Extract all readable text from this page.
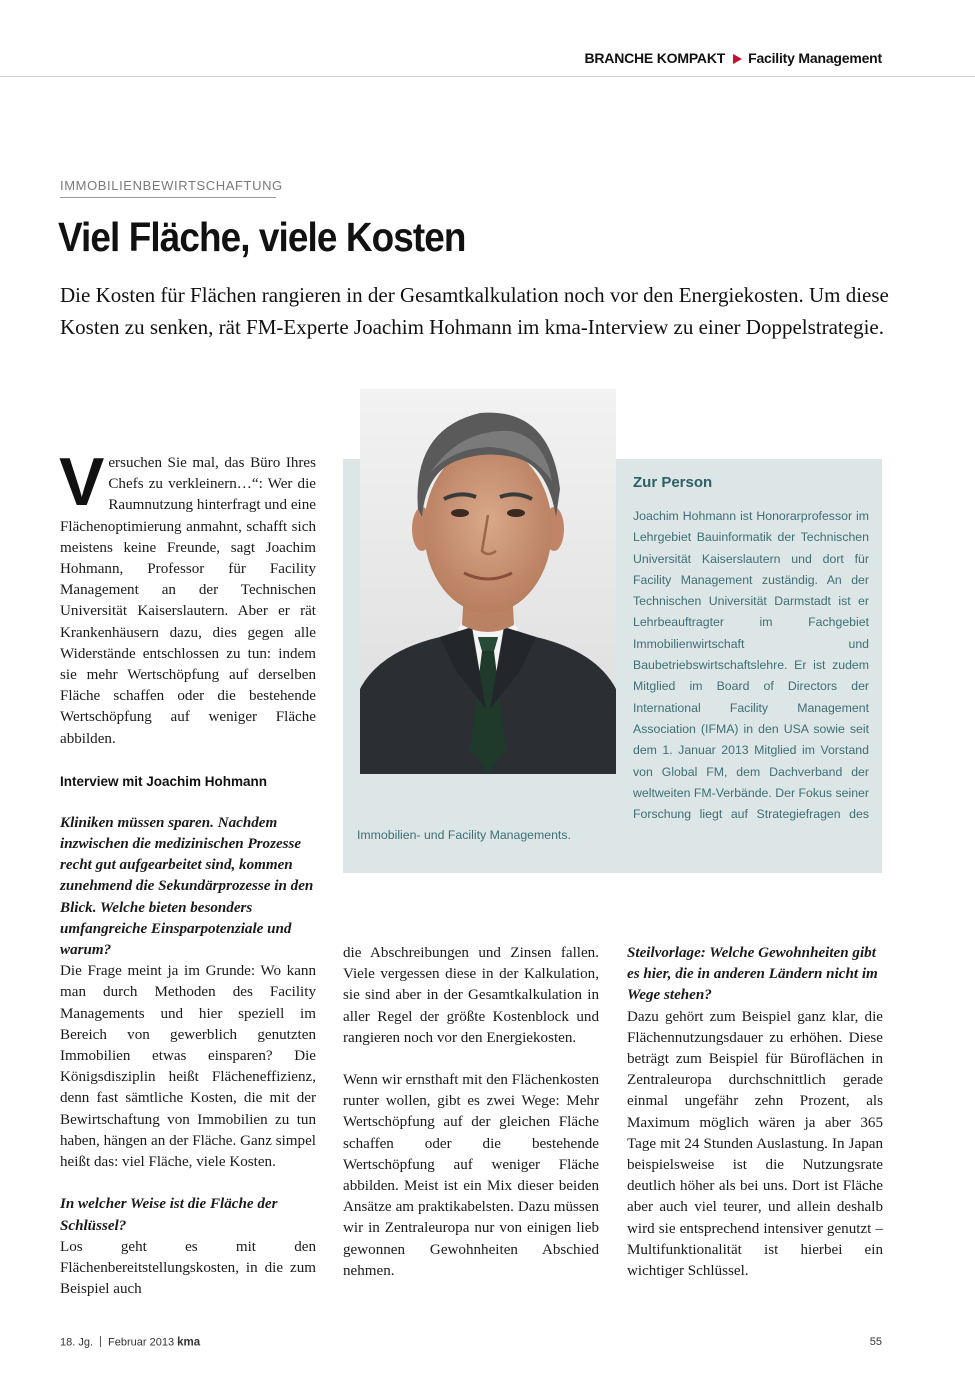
BRANCHE KOMPAKT Facility Management
IMMOBILIENBEWIRTSCHAFTUNG
Viel Fläche, viele Kosten

Die Kosten für Flächen rangieren in der Gesamtkalkulation noch vor den Energiekosten. Um diese Kosten zu senken, rät FM-Experte Joachim Hohmann im kma-Interview zu einer Doppelstrategie.

Zur Person
Joachim Hohmann ist Honorarprofessor im Lehrgebiet Bauinformatik der Technischen Universität Kaiserslautern und dort für Facility Management zuständig. An der Technischen Universität Darmstadt ist er Lehrbeauftragter im Fachgebiet Immobilienwirtschaft und Baubetriebswirtschaftslehre. Er ist zudem Mitglied im Board of Directors der International Facility Management Association (IFMA) in den USA sowie seit dem 1. Januar 2013 Mitglied im Vorstand von Global FM, dem Dachverband der weltweiten FM-Verbände. Der Fokus seiner Forschung liegt auf Strategiefragen des Immobilien- und Facility Managements.

Versuchen Sie mal, das Büro Ihres Chefs zu verkleinern…“: Wer die Raumnutzung hinterfragt und eine Flächenoptimierung anmahnt, schafft sich meistens keine Freunde, sagt Joachim Hohmann, Professor für Facility Management an der Technischen Universität Kaiserslautern. Aber er rät Krankenhäusern dazu, dies gegen alle Widerstände entschlossen zu tun: indem sie mehr Wertschöpfung auf derselben Fläche schaffen oder die bestehende Wertschöpfung auf weniger Fläche abbilden.

Interview mit Joachim Hohmann

Kliniken müssen sparen. Nachdem inzwischen die medizinischen Prozesse recht gut aufgearbeitet sind, kommen zunehmend die Sekundärprozesse in den Blick. Welche bieten besonders umfangreiche Einsparpotenziale und warum?

Die Frage meint ja im Grunde: Wo kann man durch Methoden des Facility Managements und hier speziell im Bereich von gewerblich genutzten Immobilien etwas einsparen? Die Königsdisziplin heißt Flächeneffizienz, denn fast sämtliche Kosten, die mit der Bewirtschaftung von Immobilien zu tun haben, hängen an der Fläche. Ganz simpel heißt das: viel Fläche, viele Kosten.

In welcher Weise ist die Fläche der Schlüssel?

Los geht es mit den Flächenbereitstellungskosten, in die zum Beispiel auch

die Abschreibungen und Zinsen fallen. Viele vergessen diese in der Kalkulation, sie sind aber in der Gesamtkalkulation in aller Regel der größte Kostenblock und rangieren noch vor den Energiekosten.

Wenn wir ernsthaft mit den Flächenkosten runter wollen, gibt es zwei Wege: Mehr Wertschöpfung auf der gleichen Fläche schaffen oder die bestehende Wertschöpfung auf weniger Fläche abbilden. Meist ist ein Mix dieser beiden Ansätze am praktikabelsten. Dazu müssen wir in Zentraleuropa nur von einigen lieb gewonnen Gewohnheiten Abschied nehmen.

Steilvorlage: Welche Gewohnheiten gibt es hier, die in anderen Ländern nicht im Wege stehen?

Dazu gehört zum Beispiel ganz klar, die Flächennutzungsdauer zu erhöhen. Diese beträgt zum Beispiel für Büroflächen in Zentraleuropa durchschnittlich gerade einmal ungefähr zehn Prozent, als Maximum möglich wären ja aber 365 Tage mit 24 Stunden Auslastung. In Japan beispielsweise ist die Nutzungsrate deutlich höher als bei uns. Dort ist Fläche aber auch viel teurer, und allein deshalb wird sie entsprechend intensiver genutzt – Multifunktionalität ist hierbei ein wichtiger Schlüssel.

18. Jg. Februar 2013 kma	55
